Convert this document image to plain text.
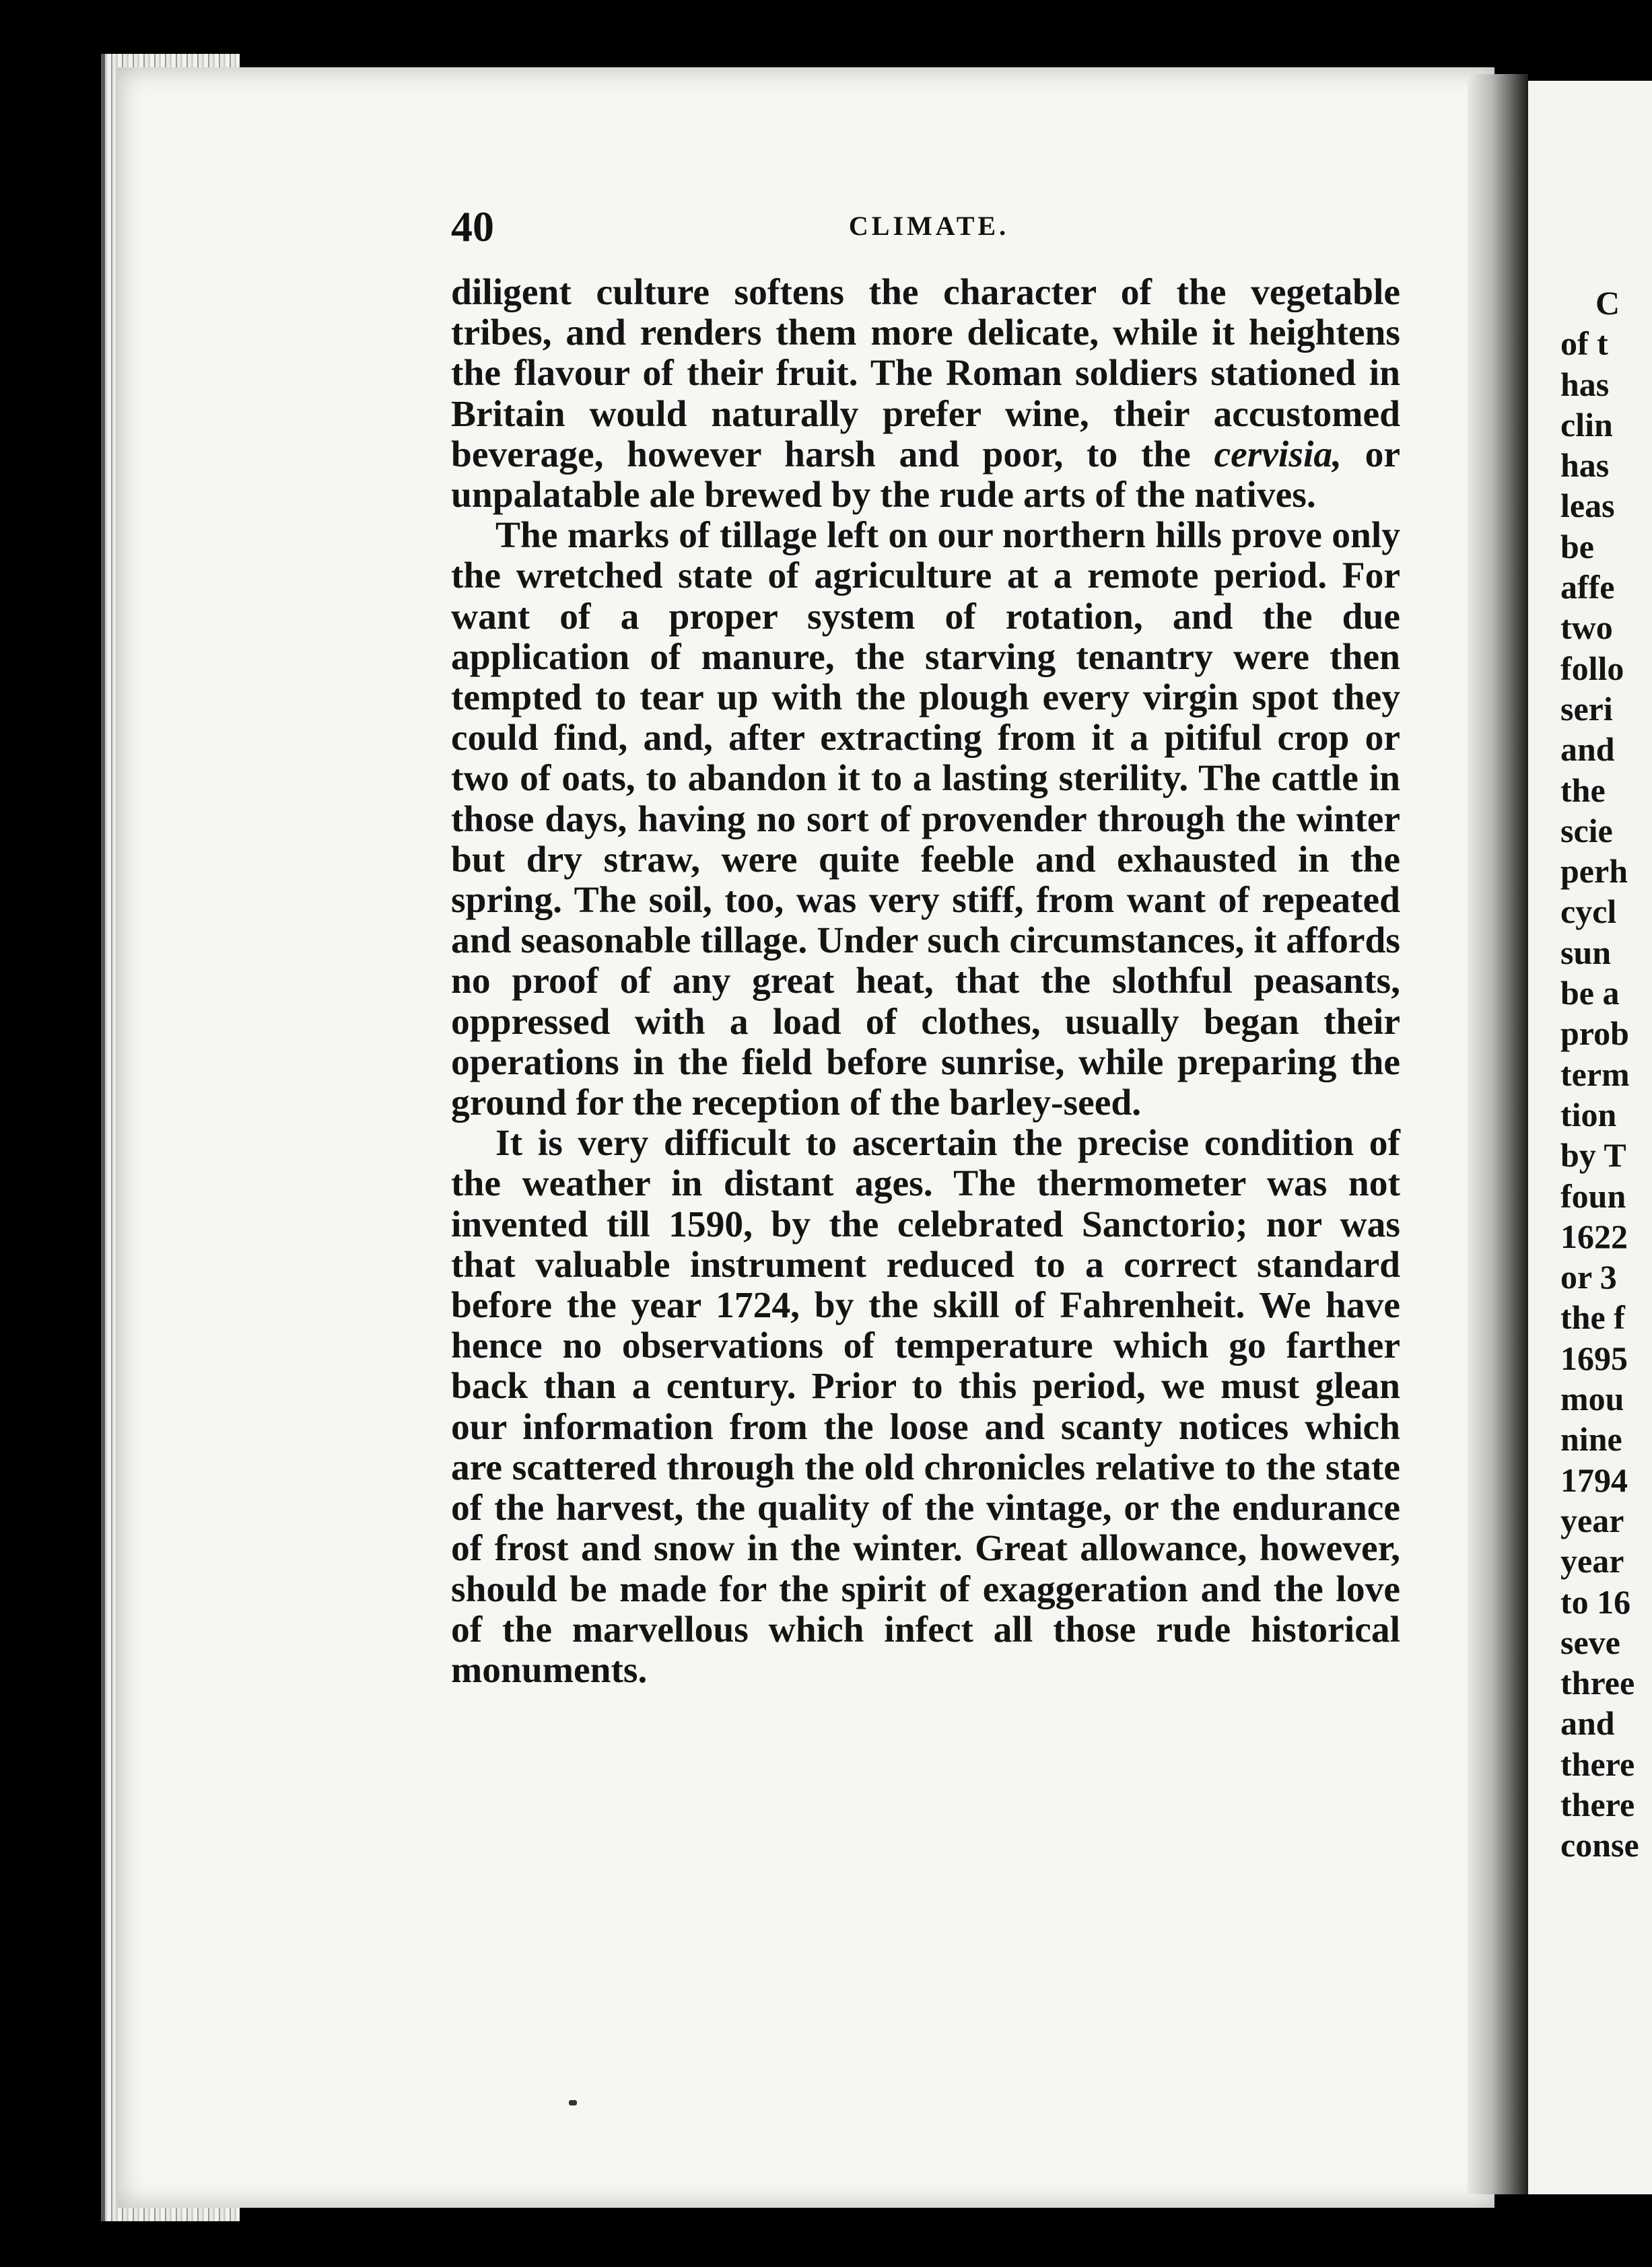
40	CLIMATE.

diligent culture softens the character of the vegetable tribes, and renders them more delicate, while it heightens the flavour of their fruit. The Roman soldiers stationed in Britain would naturally prefer wine, their accustomed beverage, however harsh and poor, to the cervisia, or unpalatable ale brewed by the rude arts of the natives.

The marks of tillage left on our northern hills prove only the wretched state of agriculture at a remote period. For want of a proper system of rotation, and the due application of manure, the starving tenantry were then tempted to tear up with the plough every virgin spot they could find, and, after extracting from it a pitiful crop or two of oats, to abandon it to a lasting sterility. The cattle in those days, having no sort of provender through the winter but dry straw, were quite feeble and exhausted in the spring. The soil, too, was very stiff, from want of repeated and seasonable tillage. Under such circumstances, it affords no proof of any great heat, that the slothful peasants, oppressed with a load of clothes, usually began their operations in the field before sunrise, while preparing the ground for the reception of the barley-seed.

It is very difficult to ascertain the precise condition of the weather in distant ages. The thermometer was not invented till 1590, by the celebrated Sanctorio; nor was that valuable instrument reduced to a correct standard before the year 1724, by the skill of Fahrenheit. We have hence no observations of temperature which go farther back than a century. Prior to this period, we must glean our information from the loose and scanty notices which are scattered through the old chronicles relative to the state of the harvest, the quality of the vintage, or the endurance of frost and snow in the winter. Great allowance, however, should be made for the spirit of exaggeration and the love of the marvellous which infect all those rude historical monuments.

C
of t
has
clin
has
leas
be
affe
two
follo
seri
and
the
scie
perh
cycl
sun
be a
prob
term
tion
by T
foun
1622
or 3
the f
1695
mou
nine
1794
year
year
to 16
seve
three
and
there
there
conse
